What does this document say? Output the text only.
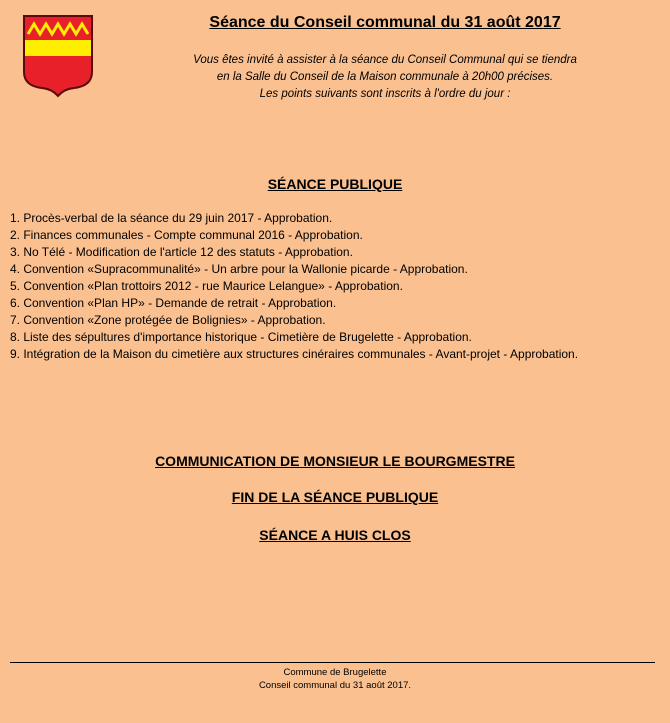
Séance du Conseil communal du 31 août 2017
Vous êtes invité à assister à la séance du Conseil Communal qui se tiendra
en la Salle du Conseil de la Maison communale à 20h00 précises.
Les points suivants sont inscrits à l'ordre du jour :
SÉANCE PUBLIQUE
1. Procès-verbal de la séance du 29 juin 2017 - Approbation.
2. Finances communales - Compte communal 2016 - Approbation.
3. No Télé - Modification de l'article 12 des statuts - Approbation.
4. Convention «Supracommunalité» - Un arbre pour la Wallonie picarde - Approbation.
5. Convention «Plan trottoirs 2012 - rue Maurice Lelangue» - Approbation.
6. Convention «Plan HP» - Demande de retrait - Approbation.
7. Convention «Zone protégée de Bolignies» - Approbation.
8. Liste des sépultures d'importance historique - Cimetière de Brugelette - Approbation.
9. Intégration de la Maison du cimetière aux structures cinéraires communales - Avant-projet - Approbation.
COMMUNICATION DE MONSIEUR LE BOURGMESTRE
FIN DE LA SÉANCE PUBLIQUE
SÉANCE A HUIS CLOS
Commune de Brugelette
Conseil communal du 31 août 2017.
